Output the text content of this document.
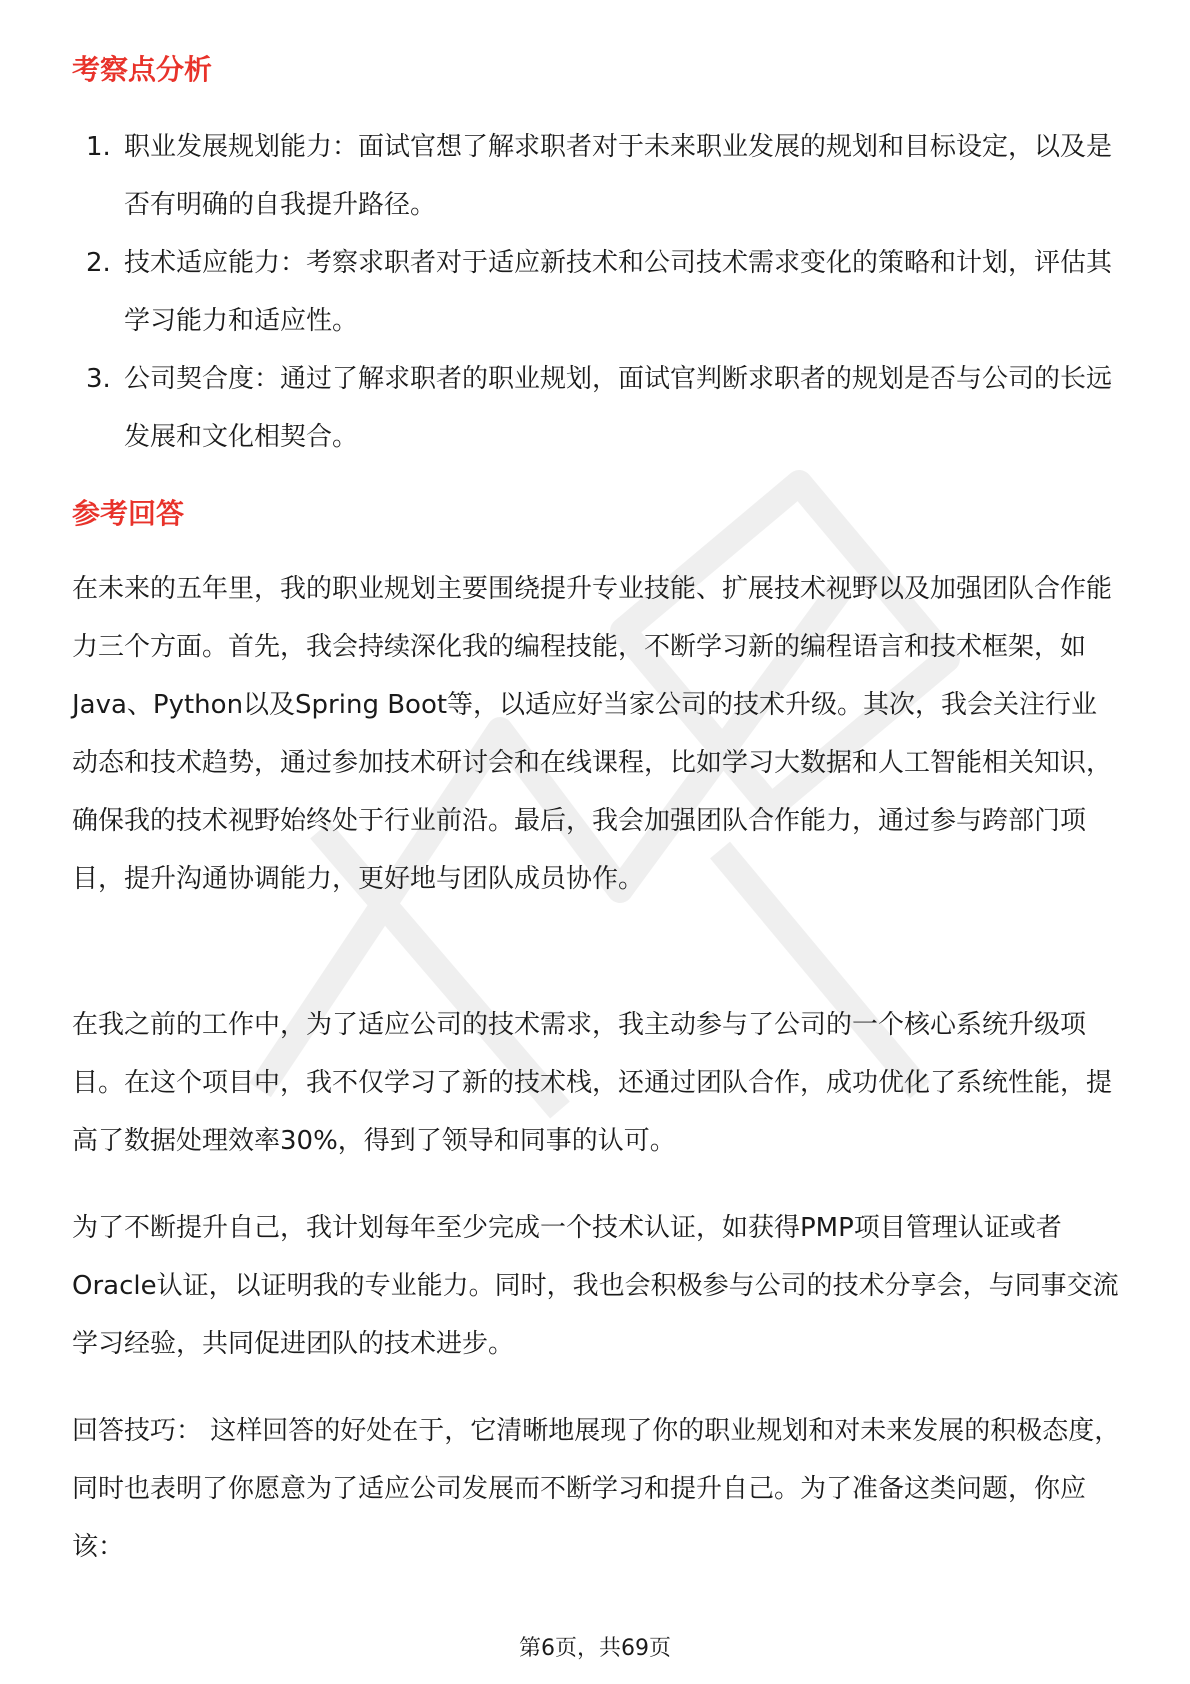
考察点分析
1. 职业发展规划能力：面试官想了解求职者对于未来职业发展的规划和目标设定，以及是否有明确的自我提升路径。
2. 技术适应能力：考察求职者对于适应新技术和公司技术需求变化的策略和计划，评估其学习能力和适应性。
3. 公司契合度：通过了解求职者的职业规划，面试官判断求职者的规划是否与公司的长远发展和文化相契合。
参考回答

在未来的五年里，我的职业规划主要围绕提升专业技能、扩展技术视野以及加强团队合作能力三个方面。首先，我会持续深化我的编程技能，不断学习新的编程语言和技术框架，如Java、Python以及Spring Boot等，以适应好当家公司的技术升级。其次，我会关注行业动态和技术趋势，通过参加技术研讨会和在线课程，比如学习大数据和人工智能相关知识，确保我的技术视野始终处于行业前沿。最后，我会加强团队合作能力，通过参与跨部门项目，提升沟通协调能力，更好地与团队成员协作。

在我之前的工作中，为了适应公司的技术需求，我主动参与了公司的一个核心系统升级项目。在这个项目中，我不仅学习了新的技术栈，还通过团队合作，成功优化了系统性能，提高了数据处理效率30%，得到了领导和同事的认可。

为了不断提升自己，我计划每年至少完成一个技术认证，如获得PMP项目管理认证或者Oracle认证，以证明我的专业能力。同时，我也会积极参与公司的技术分享会，与同事交流学习经验，共同促进团队的技术进步。

回答技巧： 这样回答的好处在于，它清晰地展现了你的职业规划和对未来发展的积极态度，同时也表明了你愿意为了适应公司发展而不断学习和提升自己。为了准备这类问题，你应该：

第6页，共69页
